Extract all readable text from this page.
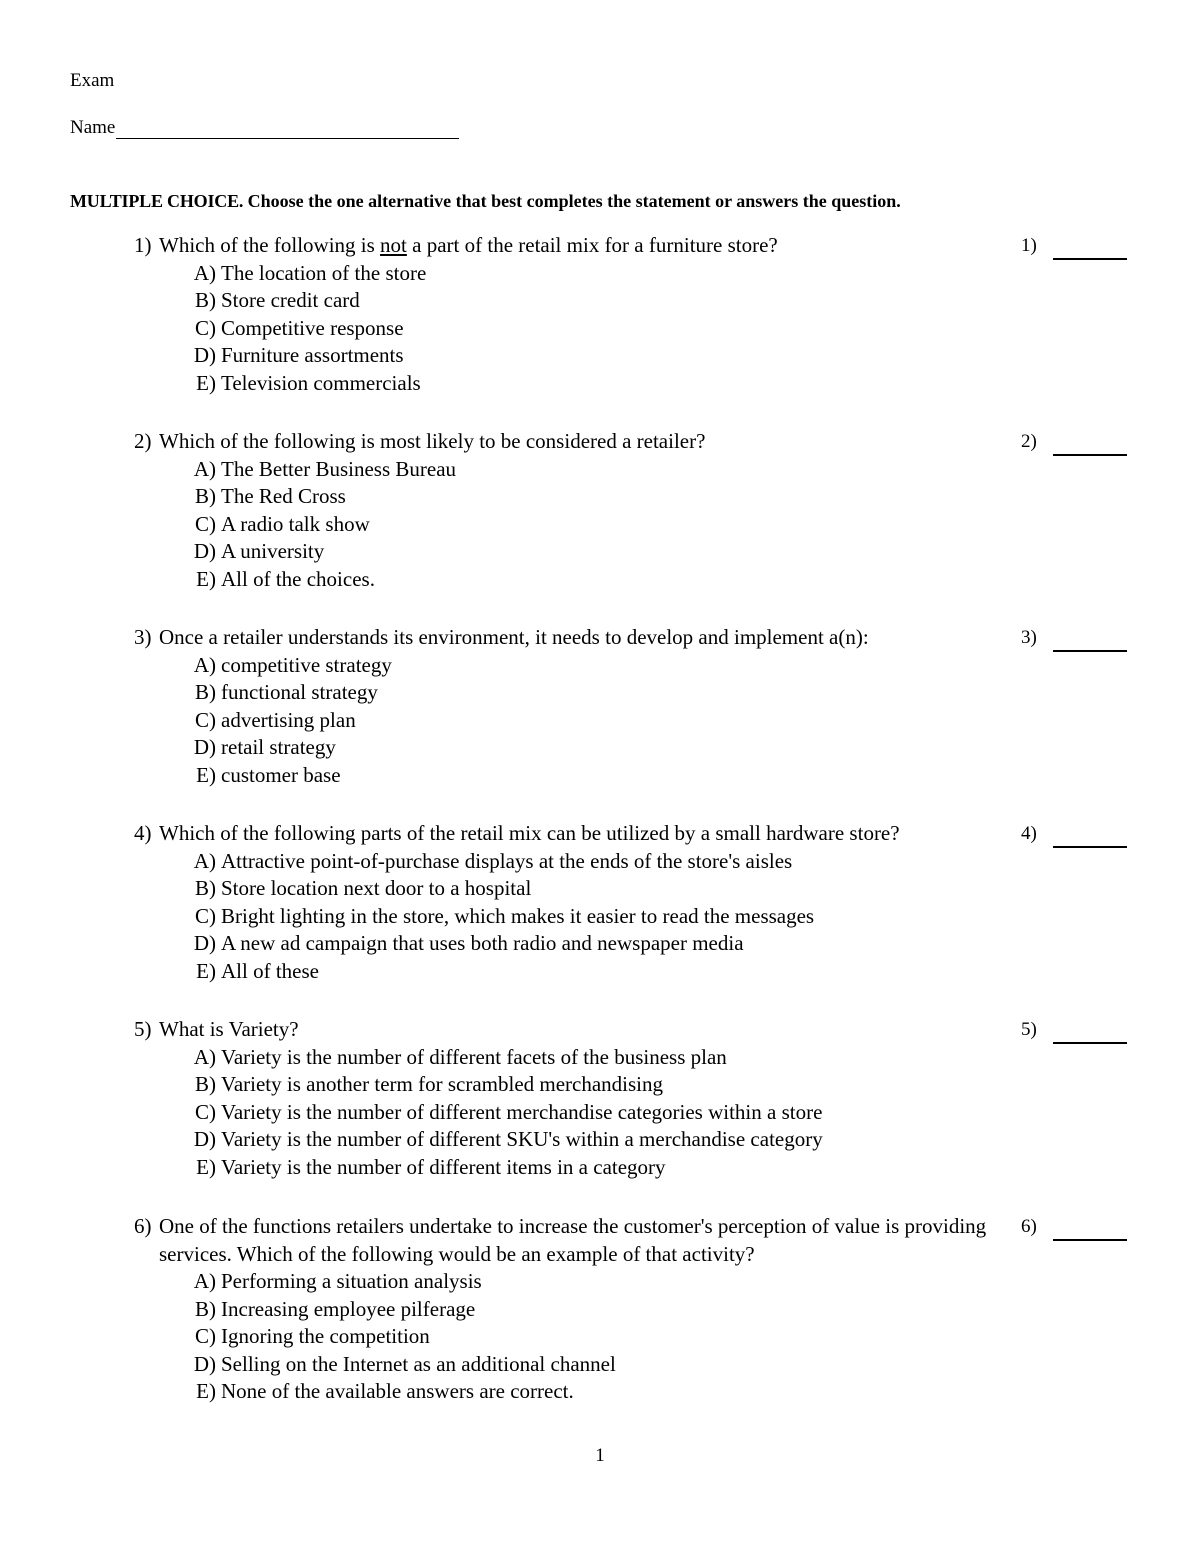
Exam
Name
MULTIPLE CHOICE. Choose the one alternative that best completes the statement or answers the question.
1) Which of the following is not a part of the retail mix for a furniture store?	1)
A) The location of the store
B) Store credit card
C) Competitive response
D) Furniture assortments
E) Television commercials
2) Which of the following is most likely to be considered a retailer?	2)
A) The Better Business Bureau
B) The Red Cross
C) A radio talk show
D) A university
E) All of the choices.
3) Once a retailer understands its environment, it needs to develop and implement a(n):	3)
A) competitive strategy
B) functional strategy
C) advertising plan
D) retail strategy
E) customer base
4) Which of the following parts of the retail mix can be utilized by a small hardware store?	4)
A) Attractive point-of-purchase displays at the ends of the store's aisles
B) Store location next door to a hospital
C) Bright lighting in the store, which makes it easier to read the messages
D) A new ad campaign that uses both radio and newspaper media
E) All of these
5) What is Variety?	5)
A) Variety is the number of different facets of the business plan
B) Variety is another term for scrambled merchandising
C) Variety is the number of different merchandise categories within a store
D) Variety is the number of different SKU's within a merchandise category
E) Variety is the number of different items in a category
6) One of the functions retailers undertake to increase the customer's perception of value is providing services. Which of the following would be an example of that activity?
6)
A) Performing a situation analysis
B) Increasing employee pilferage
C) Ignoring the competition
D) Selling on the Internet as an additional channel
E) None of the available answers are correct.
1
